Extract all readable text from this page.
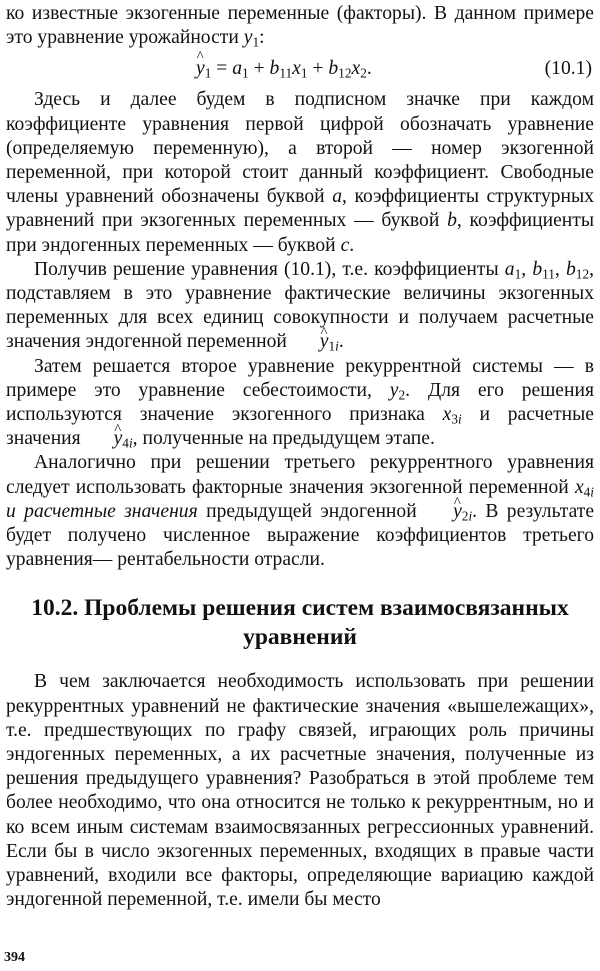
ко известные экзогенные переменные (факторы). В данном примере это уравнение урожайности $y_1$:

^ $y_1 = a_1 + b_{11}x_1 + b_{12}x_2$.	(10.1)

Здесь и далее будем в подписном значке при каждом коэффициенте уравнения первой цифрой обозначать уравнение (определяемую переменную), а второй — номер экзогенной переменной, при которой стоит данный коэффициент. Свободные члены уравнений обозначены буквой a, коэффициенты структурных уравнений при экзогенных переменных — буквой b, коэффициенты при эндогенных переменных — буквой c.

Получив решение уравнения (10.1), т.е. коэффициенты $a_1$, $b_{11}$, $b_{12}$, подставляем в это уравнение фактические величины экзогенных переменных для всех единиц совокупности и получаем расчетные значения эндогенной переменной ^ $y_{1i}$.

Затем решается второе уравнение рекуррентной системы — в примере это уравнение себестоимости, $y_2$. Для его решения используются значение экзогенного признака $x_{3i}$ и расчетные значения ^ $y_{4i}$, полученные на предыдущем этапе.

Аналогично при решении третьего рекуррентного уравнения следует использовать факторные значения экзогенной переменной $x_{4i}$ и расчетные значения предыдущей эндогенной ^ $y_{2i}$. В результате будет получено численное выражение коэффициентов третьего уравнения— рентабельности отрасли.

10.2. Проблемы решения систем взаимосвязанных уравнений

В чем заключается необходимость использовать при решении рекуррентных уравнений не фактические значения «вышележащих», т.е. предшествующих по графу связей, играющих роль причины эндогенных переменных, а их расчетные значения, полученные из решения предыдущего уравнения? Разобраться в этой проблеме тем более необходимо, что она относится не только к рекуррентным, но и ко всем иным системам взаимосвязанных регрессионных уравнений. Если бы в число экзогенных переменных, входящих в правые части уравнений, входили все факторы, определяющие вариацию каждой эндогенной переменной, т.е. имели бы место

394
